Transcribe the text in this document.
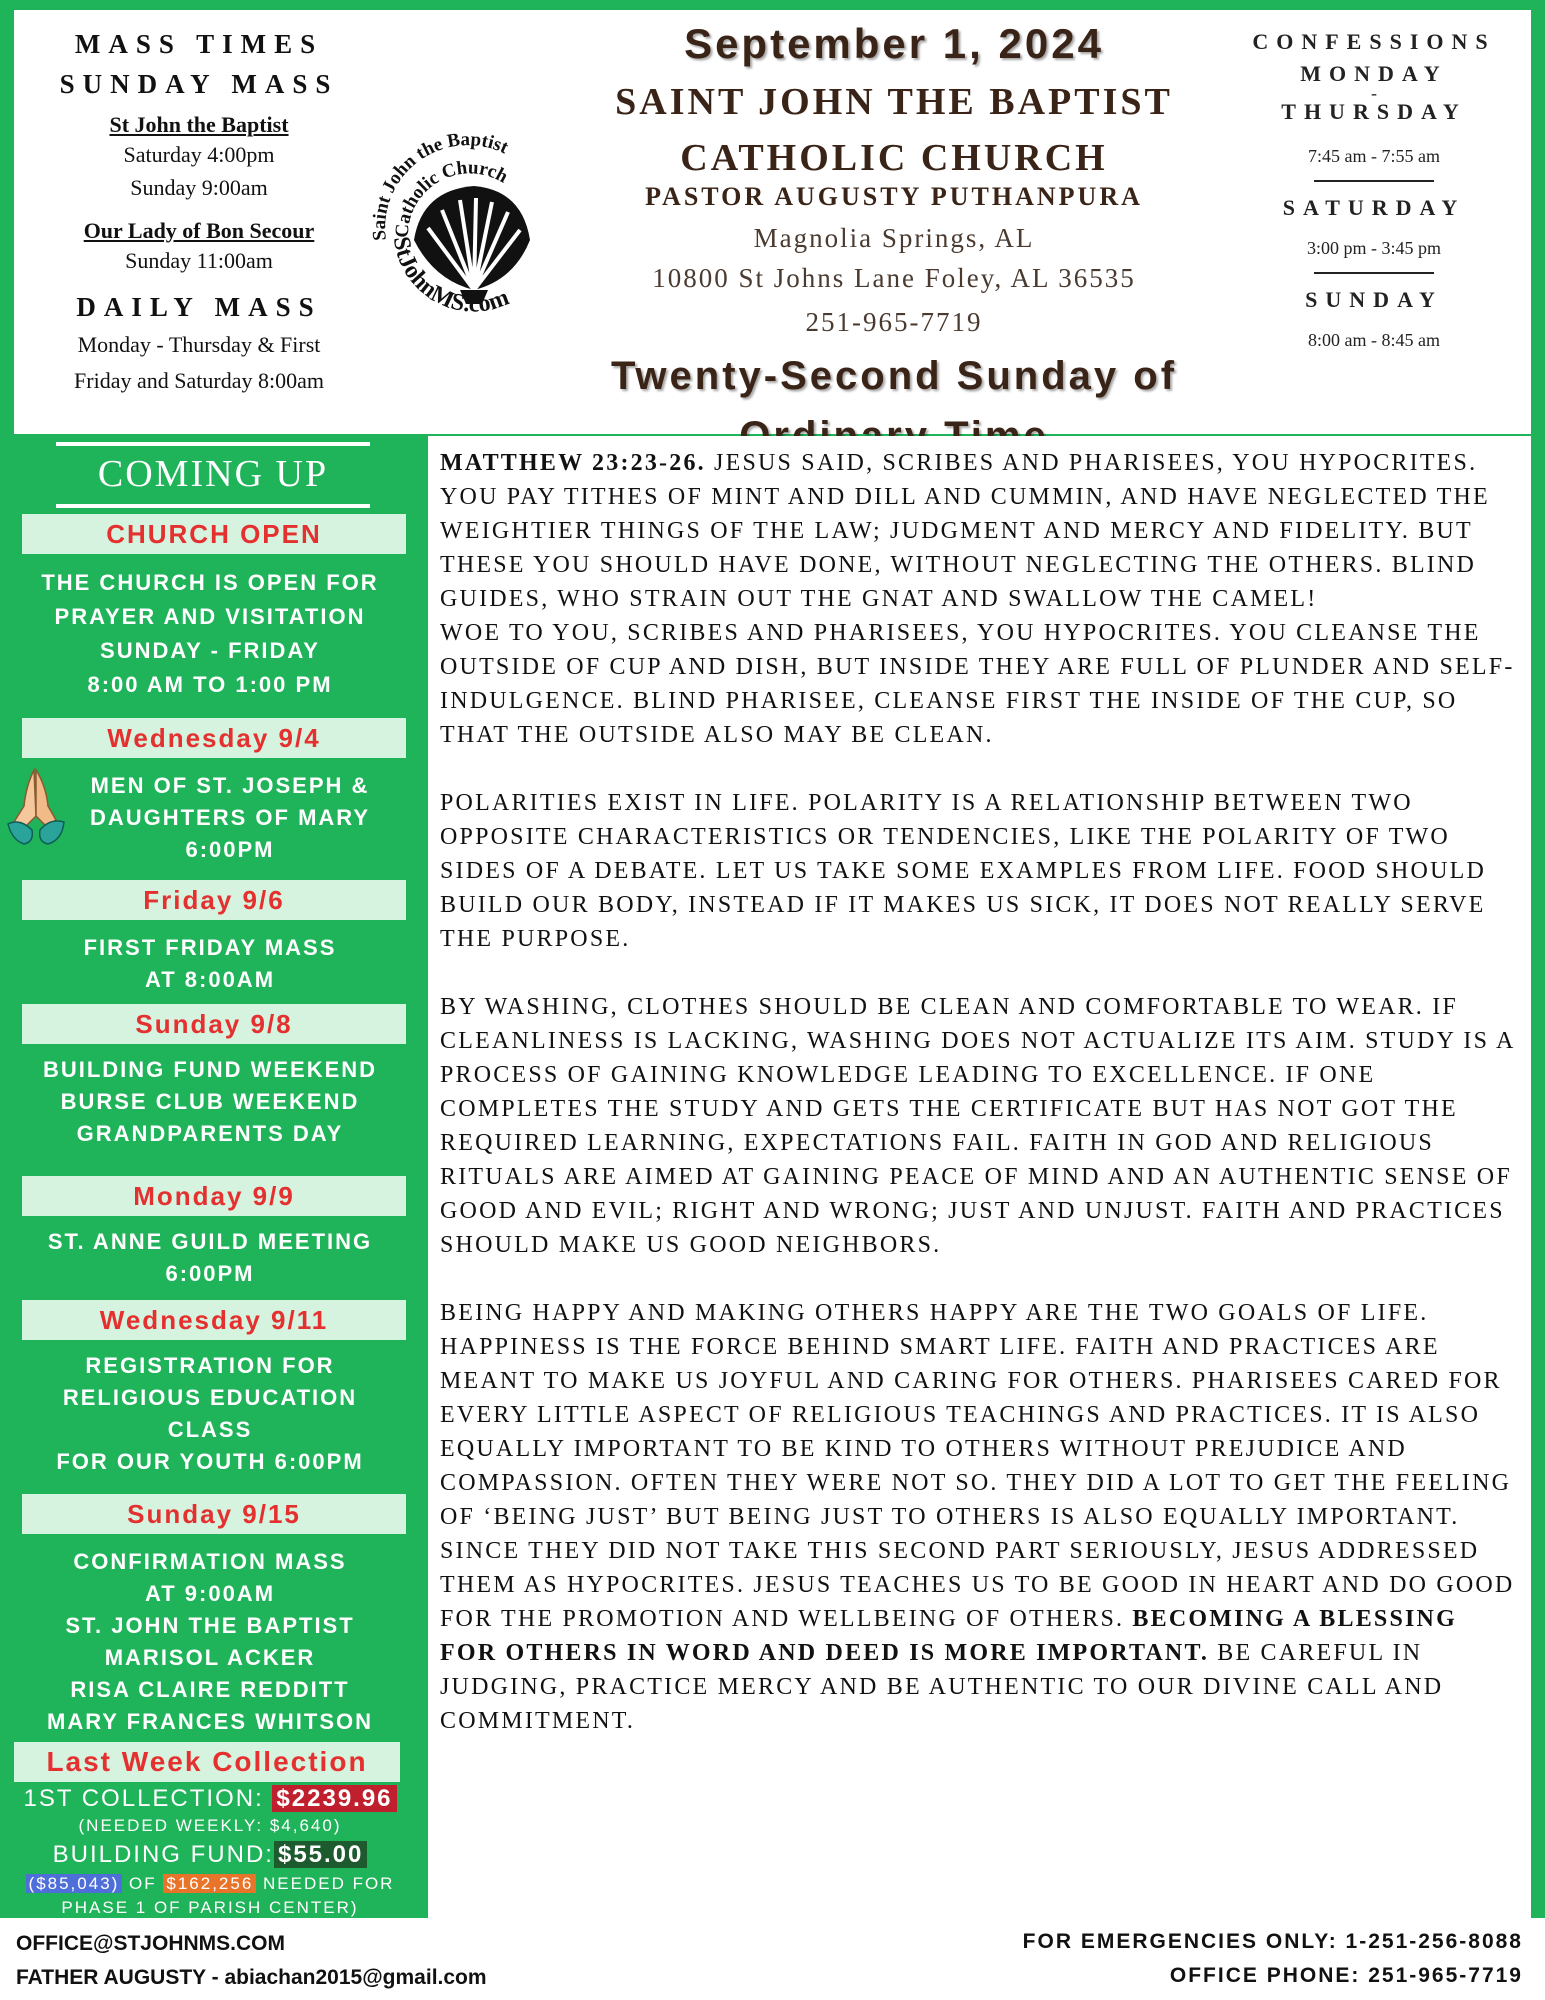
MASS TIMES
SUNDAY MASS
St John the Baptist
Saturday 4:00pm
Sunday 9:00am
Our Lady of Bon Secour
Sunday 11:00am
DAILY MASS
Monday - Thursday & First
Friday and Saturday 8:00am
Saint John the Baptist
Catholic Church
StJohnMS.com
September 1, 2024
SAINT JOHN THE BAPTIST
CATHOLIC CHURCH
PASTOR AUGUSTY PUTHANPURA
Magnolia Springs, AL
10800 St Johns Lane Foley, AL 36535
251-965-7719
Twenty-Second Sunday of
CONFESSIONS
MONDAY
-
THURSDAY
7:45 am - 7:55 am
SATURDAY
3:00 pm - 3:45 pm
SUNDAY
8:00 am - 8:45 am
COMING UP
CHURCH OPEN
THE CHURCH IS OPEN FOR
PRAYER AND VISITATION
SUNDAY - FRIDAY
8:00 AM TO 1:00 PM
Wednesday 9/4
MEN OF ST. JOSEPH &
DAUGHTERS OF MARY
6:00PM
Friday 9/6
FIRST FRIDAY MASS
AT 8:00AM
Sunday 9/8
BUILDING FUND WEEKEND
BURSE CLUB WEEKEND
GRANDPARENTS DAY
Monday 9/9
ST. ANNE GUILD MEETING
6:00PM
Wednesday 9/11
REGISTRATION FOR
RELIGIOUS EDUCATION
CLASS
FOR OUR YOUTH 6:00PM
Sunday 9/15
CONFIRMATION MASS
AT 9:00AM
ST. JOHN THE BAPTIST
MARISOL ACKER
RISA CLAIRE REDDITT
MARY FRANCES WHITSON
Last Week Collection
1ST COLLECTION: $2239.96
(NEEDED WEEKLY: $4,640)
BUILDING FUND: $55.00
($85,043) OF $162,256 NEEDED FOR
PHASE 1 OF PARISH CENTER)

MATTHEW 23:23-26. JESUS SAID, SCRIBES AND PHARISEES, YOU HYPOCRITES. YOU PAY TITHES OF MINT AND DILL AND CUMMIN, AND HAVE NEGLECTED THE WEIGHTIER THINGS OF THE LAW; JUDGMENT AND MERCY AND FIDELITY. BUT THESE YOU SHOULD HAVE DONE, WITHOUT NEGLECTING THE OTHERS. BLIND GUIDES, WHO STRAIN OUT THE GNAT AND SWALLOW THE CAMEL!

WOE TO YOU, SCRIBES AND PHARISEES, YOU HYPOCRITES. YOU CLEANSE THE OUTSIDE OF CUP AND DISH, BUT INSIDE THEY ARE FULL OF PLUNDER AND SELF-INDULGENCE. BLIND PHARISEE, CLEANSE FIRST THE INSIDE OF THE CUP, SO THAT THE OUTSIDE ALSO MAY BE CLEAN.

POLARITIES EXIST IN LIFE. POLARITY IS A RELATIONSHIP BETWEEN TWO OPPOSITE CHARACTERISTICS OR TENDENCIES, LIKE THE POLARITY OF TWO SIDES OF A DEBATE. LET US TAKE SOME EXAMPLES FROM LIFE. FOOD SHOULD BUILD OUR BODY, INSTEAD IF IT MAKES US SICK, IT DOES NOT REALLY SERVE THE PURPOSE.

BY WASHING, CLOTHES SHOULD BE CLEAN AND COMFORTABLE TO WEAR. IF CLEANLINESS IS LACKING, WASHING DOES NOT ACTUALIZE ITS AIM. STUDY IS A PROCESS OF GAINING KNOWLEDGE LEADING TO EXCELLENCE. IF ONE COMPLETES THE STUDY AND GETS THE CERTIFICATE BUT HAS NOT GOT THE REQUIRED LEARNING, EXPECTATIONS FAIL. FAITH IN GOD AND RELIGIOUS RITUALS ARE AIMED AT GAINING PEACE OF MIND AND AN AUTHENTIC SENSE OF GOOD AND EVIL; RIGHT AND WRONG; JUST AND UNJUST. FAITH AND PRACTICES SHOULD MAKE US GOOD NEIGHBORS.

BEING HAPPY AND MAKING OTHERS HAPPY ARE THE TWO GOALS OF LIFE. HAPPINESS IS THE FORCE BEHIND SMART LIFE. FAITH AND PRACTICES ARE MEANT TO MAKE US JOYFUL AND CARING FOR OTHERS. PHARISEES CARED FOR EVERY LITTLE ASPECT OF RELIGIOUS TEACHINGS AND PRACTICES. IT IS ALSO EQUALLY IMPORTANT TO BE KIND TO OTHERS WITHOUT PREJUDICE AND COMPASSION. OFTEN THEY WERE NOT SO. THEY DID A LOT TO GET THE FEELING OF ‘BEING JUST’ BUT BEING JUST TO OTHERS IS ALSO EQUALLY IMPORTANT. SINCE THEY DID NOT TAKE THIS SECOND PART SERIOUSLY, JESUS ADDRESSED THEM AS HYPOCRITES. JESUS TEACHES US TO BE GOOD IN HEART AND DO GOOD FOR THE PROMOTION AND WELLBEING OF OTHERS. BECOMING A BLESSING FOR OTHERS IN WORD AND DEED IS MORE IMPORTANT. BE CAREFUL IN JUDGING, PRACTICE MERCY AND BE AUTHENTIC TO OUR DIVINE CALL AND COMMITMENT.

OFFICE@STJOHNMS.COM
FATHER AUGUSTY - abiachan2015@gmail.com
FOR EMERGENCIES ONLY: 1-251-256-8088
OFFICE PHONE: 251-965-7719
